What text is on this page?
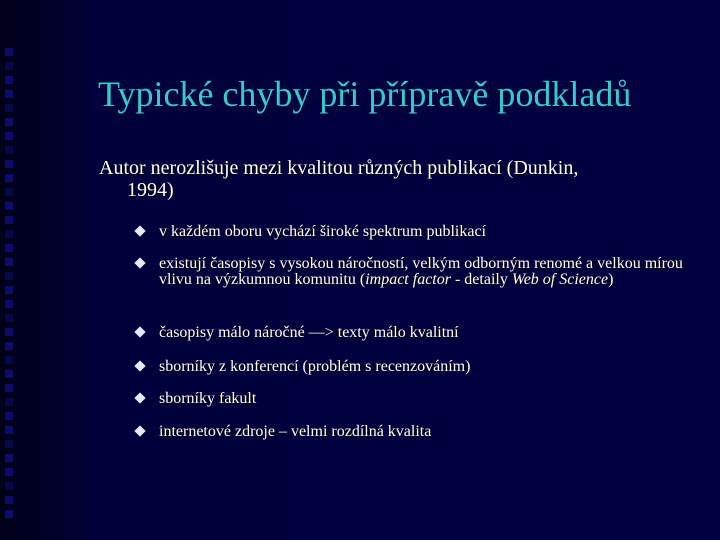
Typické chyby při přípravě podkladů
Autor nerozlišuje mezi kvalitou různých publikací (Dunkin,
1994)
v každém oboru vychází široké spektrum publikací
existují časopisy s vysokou náročností, velkým odborným renomé a velkou mírou vlivu na výzkumnou komunitu (impact factor - detaily Web of Science)
časopisy málo náročné —> texty málo kvalitní
sborníky z konferencí (problém s recenzováním)
sborníky fakult
internetové zdroje – velmi rozdílná kvalita
